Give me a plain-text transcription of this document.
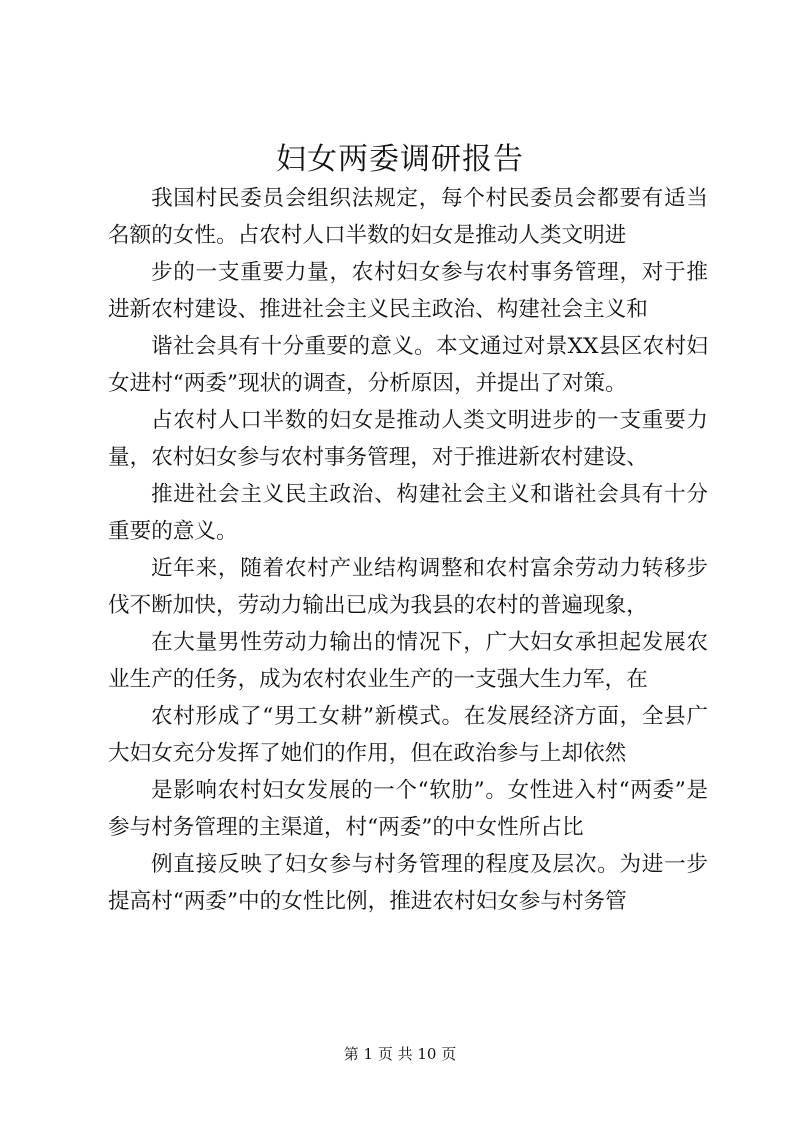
妇女两委调研报告

我国村民委员会组织法规定，每个村民委员会都要有适当名额的女性。占农村人口半数的妇女是推动人类文明进

步的一支重要力量，农村妇女参与农村事务管理，对于推进新农村建设、推进社会主义民主政治、构建社会主义和

谐社会具有十分重要的意义。本文通过对景XX县区农村妇女进村“两委”现状的调查，分析原因，并提出了对策。

占农村人口半数的妇女是推动人类文明进步的一支重要力量，农村妇女参与农村事务管理，对于推进新农村建设、

推进社会主义民主政治、构建社会主义和谐社会具有十分重要的意义。

近年来，随着农村产业结构调整和农村富余劳动力转移步伐不断加快，劳动力输出已成为我县的农村的普遍现象，

在大量男性劳动力输出的情况下，广大妇女承担起发展农业生产的任务，成为农村农业生产的一支强大生力军，在

农村形成了“男工女耕”新模式。在发展经济方面，全县广大妇女充分发挥了她们的作用，但在政治参与上却依然

是影响农村妇女发展的一个“软肋”。女性进入村“两委”是参与村务管理的主渠道，村“两委”的中女性所占比

例直接反映了妇女参与村务管理的程度及层次。为进一步提高村“两委”中的女性比例，推进农村妇女参与村务管

第 1 页 共 10 页
